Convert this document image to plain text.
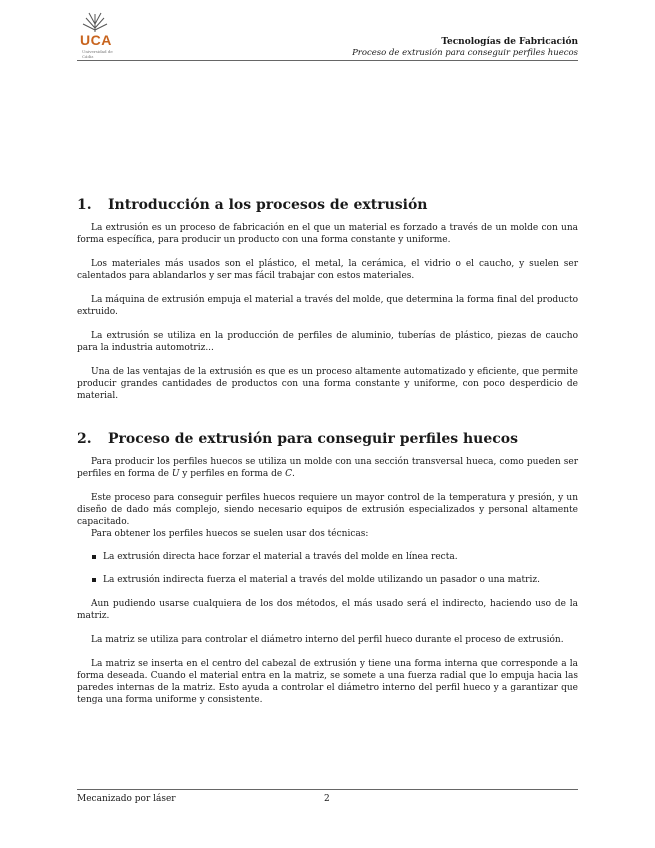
UCA
Universidad de Cádiz
Tecnologías de Fabricación
Proceso de extrusión para conseguir perfiles huecos
1.	Introducción a los procesos de extrusión

La extrusión es un proceso de fabricación en el que un material es forzado a través de un molde con una forma específica, para producir un producto con una forma constante y uniforme.

Los materiales más usados son el plástico, el metal, la cerámica, el vidrio o el caucho, y suelen ser calentados para ablandarlos y ser mas fácil trabajar con estos materiales.

La máquina de extrusión empuja el material a través del molde, que determina la forma final del producto extruido.

La extrusión se utiliza en la producción de perfiles de aluminio, tuberías de plástico, piezas de caucho para la industria automotriz...

Una de las ventajas de la extrusión es que es un proceso altamente automatizado y eficiente, que permite producir grandes cantidades de productos con una forma constante y uniforme, con poco desperdicio de material.

2.	Proceso de extrusión para conseguir perfiles huecos

Para producir los perfiles huecos se utiliza un molde con una sección transversal hueca, como pueden ser perfiles en forma de U y perfiles en forma de C.

Este proceso para conseguir perfiles huecos requiere un mayor control de la temperatura y presión, y un diseño de dado más complejo, siendo necesario equipos de extrusión especializados y personal altamente capacitado.

Para obtener los perfiles huecos se suelen usar dos técnicas:

La extrusión directa hace forzar el material a través del molde en línea recta.
La extrusión indirecta fuerza el material a través del molde utilizando un pasador o una matriz.

Aun pudiendo usarse cualquiera de los dos métodos, el más usado será el indirecto, haciendo uso de la matriz.

La matriz se utiliza para controlar el diámetro interno del perfil hueco durante el proceso de extrusión.

La matriz se inserta en el centro del cabezal de extrusión y tiene una forma interna que corresponde a la forma deseada. Cuando el material entra en la matriz, se somete a una fuerza radial que lo empuja hacia las paredes internas de la matriz. Esto ayuda a controlar el diámetro interno del perfil hueco y a garantizar que tenga una forma uniforme y consistente.

Mecanizado por láser	2
